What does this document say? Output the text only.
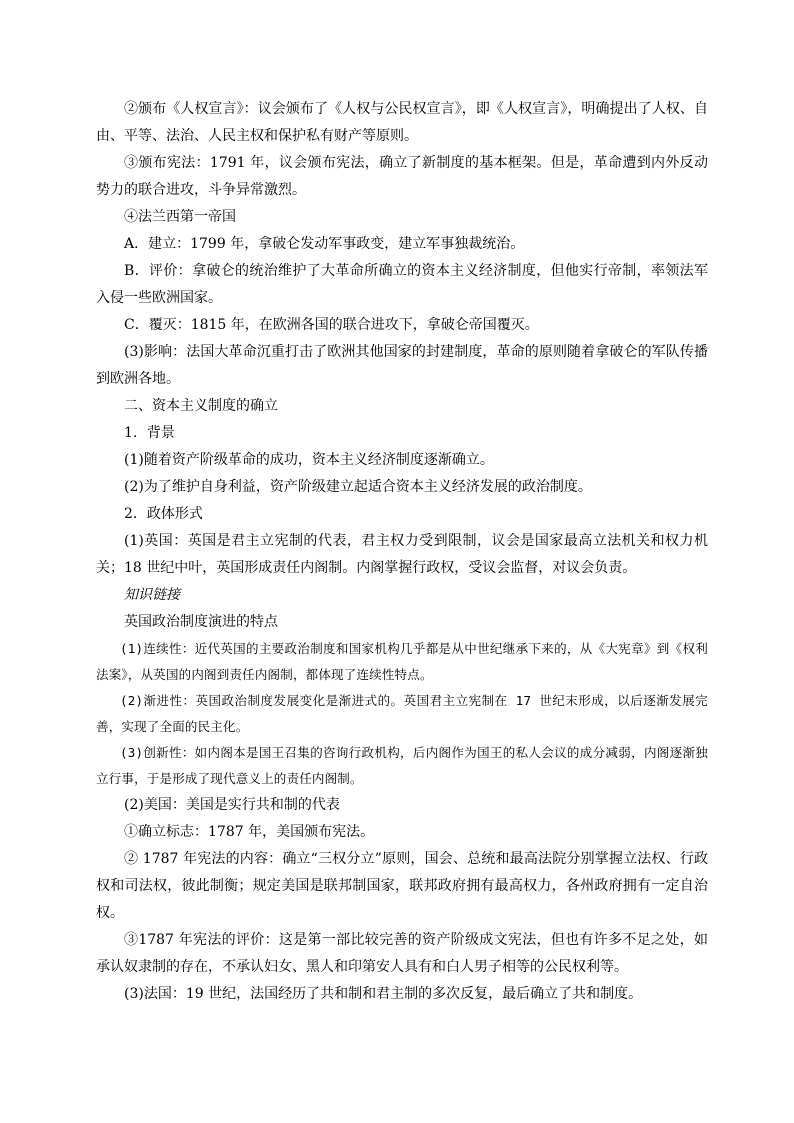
②颁布《人权宣言》：议会颁布了《人权与公民权宣言》，即《人权宣言》，明确提出了人权、自由、平等、法治、人民主权和保护私有财产等原则。

③颁布宪法：1791 年，议会颁布宪法，确立了新制度的基本框架。但是，革命遭到内外反动势力的联合进攻，斗争异常激烈。

④法兰西第一帝国

A．建立：1799 年，拿破仑发动军事政变，建立军事独裁统治。

B．评价：拿破仑的统治维护了大革命所确立的资本主义经济制度，但他实行帝制，率领法军入侵一些欧洲国家。

C．覆灭：1815 年，在欧洲各国的联合进攻下，拿破仑帝国覆灭。

(3)影响：法国大革命沉重打击了欧洲其他国家的封建制度，革命的原则随着拿破仑的军队传播到欧洲各地。

二、资本主义制度的确立

1．背景

(1)随着资产阶级革命的成功，资本主义经济制度逐渐确立。

(2)为了维护自身利益，资产阶级建立起适合资本主义经济发展的政治制度。

2．政体形式

(1)英国：英国是君主立宪制的代表，君主权力受到限制，议会是国家最高立法机关和权力机关；18 世纪中叶，英国形成责任内阁制。内阁掌握行政权，受议会监督，对议会负责。

知识链接

英国政治制度演进的特点

(1)连续性：近代英国的主要政治制度和国家机构几乎都是从中世纪继承下来的，从《大宪章》到《权利法案》，从英国的内阁到责任内阁制，都体现了连续性特点。

(2)渐进性：英国政治制度发展变化是渐进式的。英国君主立宪制在 17 世纪末形成，以后逐渐发展完善，实现了全面的民主化。

(3)创新性：如内阁本是国王召集的咨询行政机构，后内阁作为国王的私人会议的成分减弱，内阁逐渐独立行事，于是形成了现代意义上的责任内阁制。

(2)美国：美国是实行共和制的代表

①确立标志：1787 年，美国颁布宪法。

② 1787 年宪法的内容：确立“三权分立”原则，国会、总统和最高法院分别掌握立法权、行政权和司法权，彼此制衡；规定美国是联邦制国家，联邦政府拥有最高权力，各州政府拥有一定自治权。

③1787 年宪法的评价：这是第一部比较完善的资产阶级成文宪法，但也有许多不足之处，如承认奴隶制的存在，不承认妇女、黑人和印第安人具有和白人男子相等的公民权利等。

(3)法国：19 世纪，法国经历了共和制和君主制的多次反复，最后确立了共和制度。
